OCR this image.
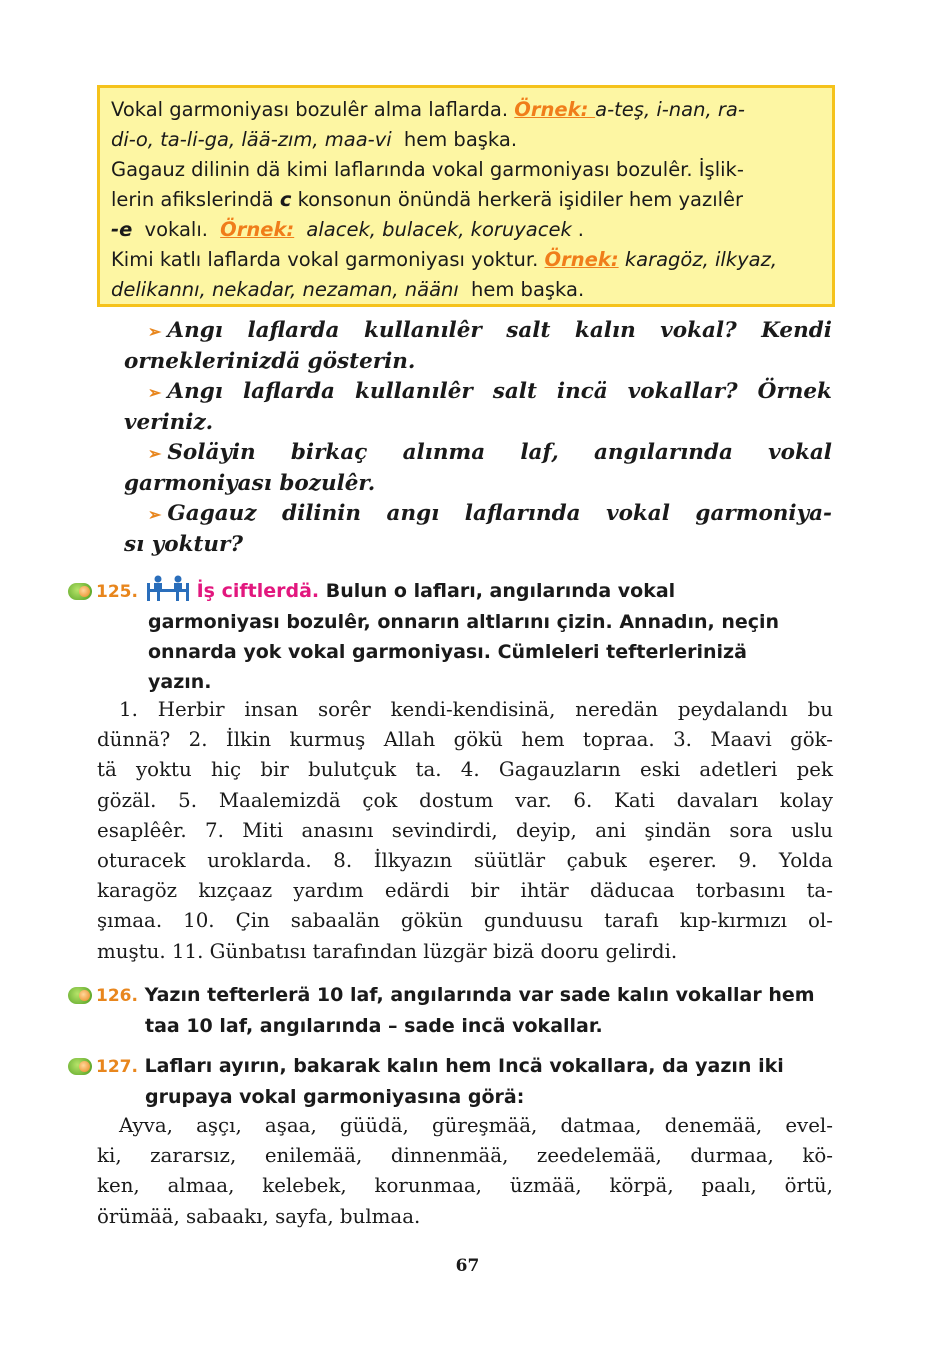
Vokal garmoniyası bozulêr alma laflarda. Örnek: a-teş, i-nan, ra-
di-o, ta-li-ga, lää-zım, maa-vi hem başka.
Gagauz dilinin dä kimi laflarında vokal garmoniyası bozulêr. İşlik-
lerin afikslerindä c konsonun önündä herkerä işidiler hem yazılêr
-e vokalı. Örnek: alacek, bulacek, koruyacek .
Kimi katlı laflarda vokal garmoniyası yoktur. Örnek: karagöz, ilkyaz,
delikannı, nekadar, nezaman, näänı hem başka.
➢ Angı laflarda kullanılêr salt kalın vokal? Kendi
orneklerinizdä gösterin.
➢ Angı laflarda kullanılêr salt incä vokallar? Örnek
veriniz.
➢ Soläyin birkaç alınma laf, angılarında vokal
garmoniyası bozulêr.
➢ Gagauz dilinin angı laflarında vokal garmoniya-
sı yoktur?
125.	İş ciftlerdä. Bulun o lafları, angılarında vokal
garmoniyası bozulêr, onnarın altlarını çizin. Annadın, neçin
onnarda yok vokal garmoniyası. Cümleleri tefterlerinizä
yazın.
1. Herbir insan sorêr kendi-kendisinä, neredän peydalandı bu
dünnä? 2. İlkin kurmuş Allah gökü hem topraa. 3. Maavi gök-
tä yoktu hiç bir bulutçuk ta. 4. Gagauzların eski adetleri pek
gözäl. 5. Maalemizdä çok dostum var. 6. Kati davaları kolay
esaplêêr. 7. Miti anasını sevindirdi, deyip, ani şindän sora uslu
oturacek uroklarda. 8. İlkyazın süütlär çabuk eşerer. 9. Yolda
karagöz kızçaaz yardım edärdi bir ihtär däducaa torbasını ta-
şımaa. 10. Çin sabaalän gökün gunduusu tarafı kıp-kırmızı ol-
muştu. 11. Günbatısı tarafından lüzgär bizä dooru gelirdi.
126. Yazın tefterlerä 10 laf, angılarında var sade kalın vokallar hem
taa 10 laf, angılarında – sade incä vokallar.
127. Lafları ayırın, bakarak kalın hem Incä vokallara, da yazın iki
grupaya vokal garmoniyasına görä:
Ayva, aşçı, aşaa, güüdä, güreşmää, datmaa, denemää, evel-
ki, zararsız, enilemää, dinnenmää, zeedelemää, durmaa, kö-
ken, almaa, kelebek, korunmaa, üzmää, körpä, paalı, örtü,
örümää, sabaakı, sayfa, bulmaa.
67
